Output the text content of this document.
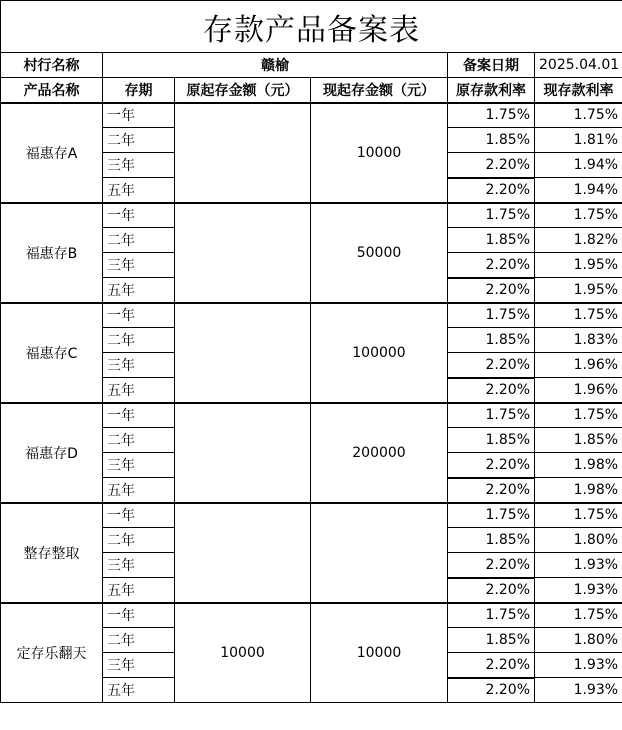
存款产品备案表					
村行名称	赣榆			备案日期	2025.04.01
产品名称	存期	原起存金额（元）	现起存金额（元）	原存款利率	现存款利率
福惠存A	一年		10000	1.75%	1.75%
	二年			1.85%	1.81%
	三年			2.20%	1.94%
	五年			2.20%	1.94%
福惠存B	一年		50000	1.75%	1.75%
	二年			1.85%	1.82%
	三年			2.20%	1.95%
	五年			2.20%	1.95%
福惠存C	一年		100000	1.75%	1.75%
	二年			1.85%	1.83%
	三年			2.20%	1.96%
	五年			2.20%	1.96%
福惠存D	一年		200000	1.75%	1.75%
	二年			1.85%	1.85%
	三年			2.20%	1.98%
	五年			2.20%	1.98%
整存整取	一年			1.75%	1.75%
	二年			1.85%	1.80%
	三年			2.20%	1.93%
	五年			2.20%	1.93%
定存乐翻天	一年	10000	10000	1.75%	1.75%
	二年			1.85%	1.80%
	三年			2.20%	1.93%
	五年			2.20%	1.93%
